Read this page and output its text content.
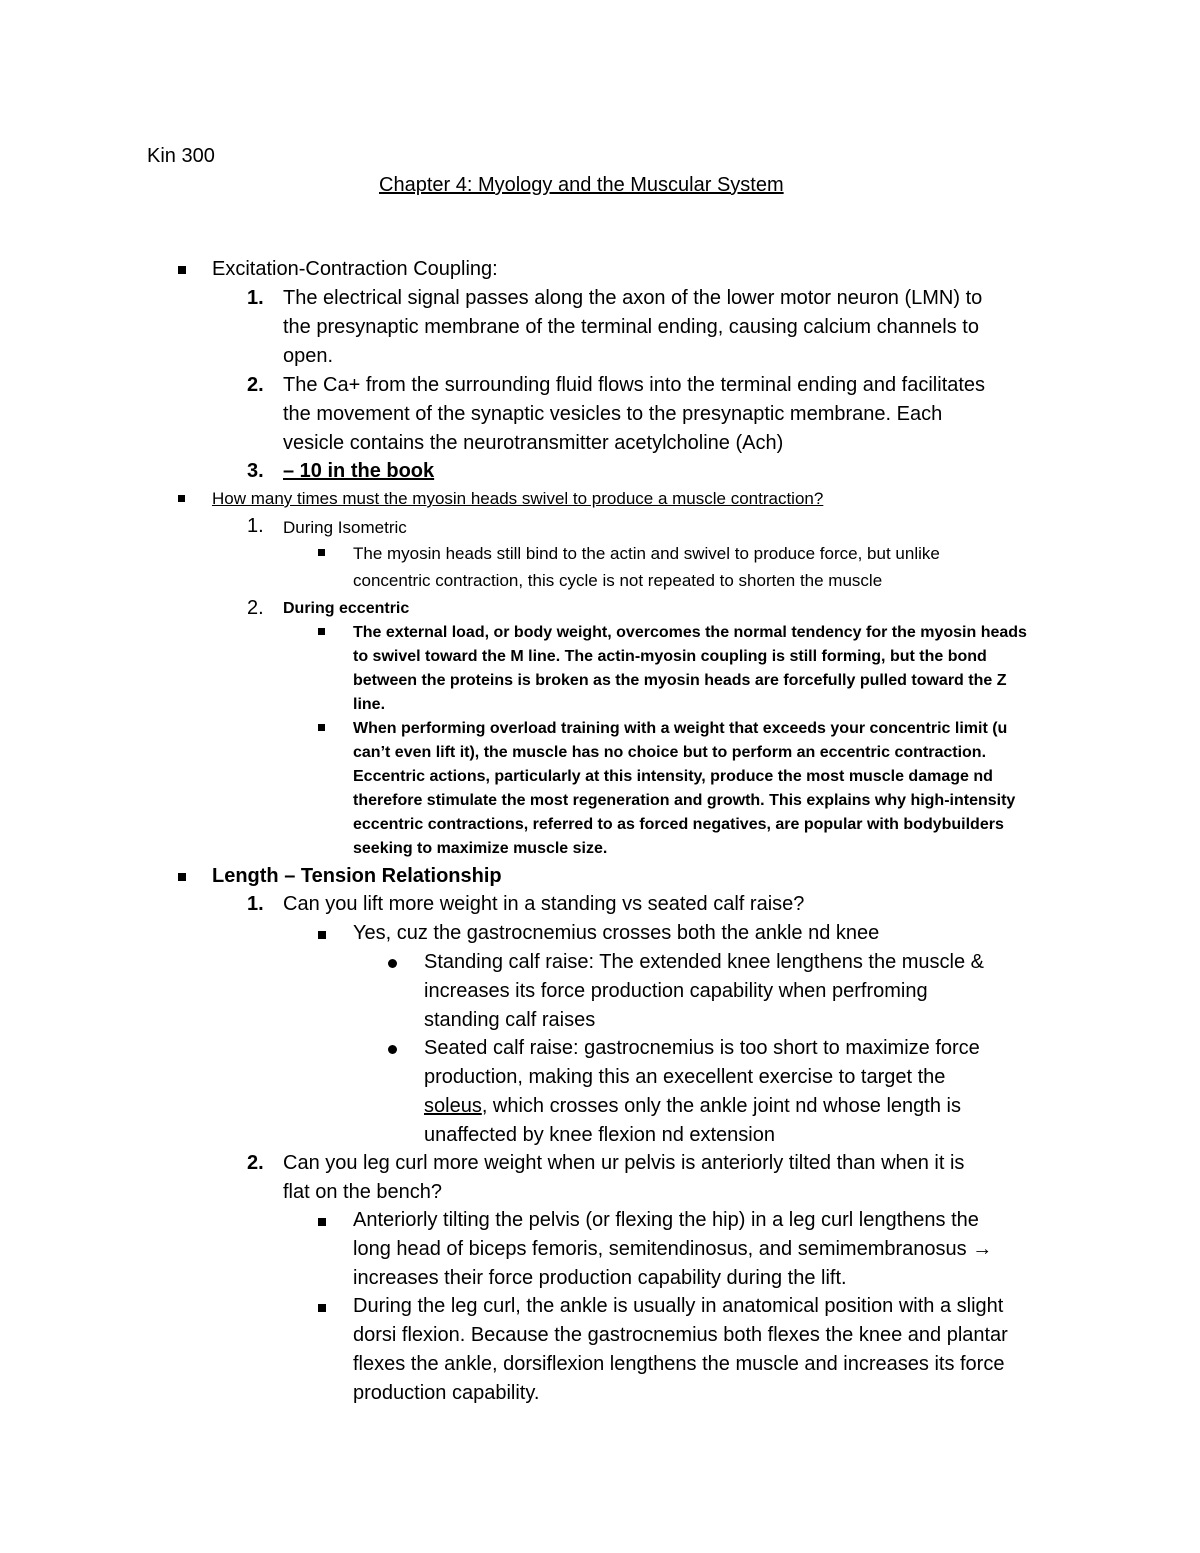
Kin 300
Chapter 4: Myology and the Muscular System
Excitation-Contraction Coupling:
1. The electrical signal passes along the axon of the lower motor neuron (LMN) to
the presynaptic membrane of the terminal ending, causing calcium channels to
open.
2. The Ca+ from the surrounding fluid flows into the terminal ending and facilitates
the movement of the synaptic vesicles to the presynaptic membrane. Each
vesicle contains the neurotransmitter acetylcholine (Ach)
3. – 10 in the book
How many times must the myosin heads swivel to produce a muscle contraction?
1. During Isometric
The myosin heads still bind to the actin and swivel to produce force, but unlike
concentric contraction, this cycle is not repeated to shorten the muscle
2. During eccentric
The external load, or body weight, overcomes the normal tendency for the myosin heads
to swivel toward the M line. The actin-myosin coupling is still forming, but the bond
between the proteins is broken as the myosin heads are forcefully pulled toward the Z
line.
When performing overload training with a weight that exceeds your concentric limit (u
can’t even lift it), the muscle has no choice but to perform an eccentric contraction.
Eccentric actions, particularly at this intensity, produce the most muscle damage nd
therefore stimulate the most regeneration and growth. This explains why high-intensity
eccentric contractions, referred to as forced negatives, are popular with bodybuilders
seeking to maximize muscle size.
Length – Tension Relationship
1. Can you lift more weight in a standing vs seated calf raise?
Yes, cuz the gastrocnemius crosses both the ankle nd knee
Standing calf raise: The extended knee lengthens the muscle &
increases its force production capability when perfroming
standing calf raises
Seated calf raise: gastrocnemius is too short to maximize force
production, making this an execellent exercise to target the
soleus, which crosses only the ankle joint nd whose length is
unaffected by knee flexion nd extension
2. Can you leg curl more weight when ur pelvis is anteriorly tilted than when it is
flat on the bench?
Anteriorly tilting the pelvis (or flexing the hip) in a leg curl lengthens the
long head of biceps femoris, semitendinosus, and semimembranosus →
increases their force production capability during the lift.
During the leg curl, the ankle is usually in anatomical position with a slight
dorsi flexion. Because the gastrocnemius both flexes the knee and plantar
flexes the ankle, dorsiflexion lengthens the muscle and increases its force
production capability.
